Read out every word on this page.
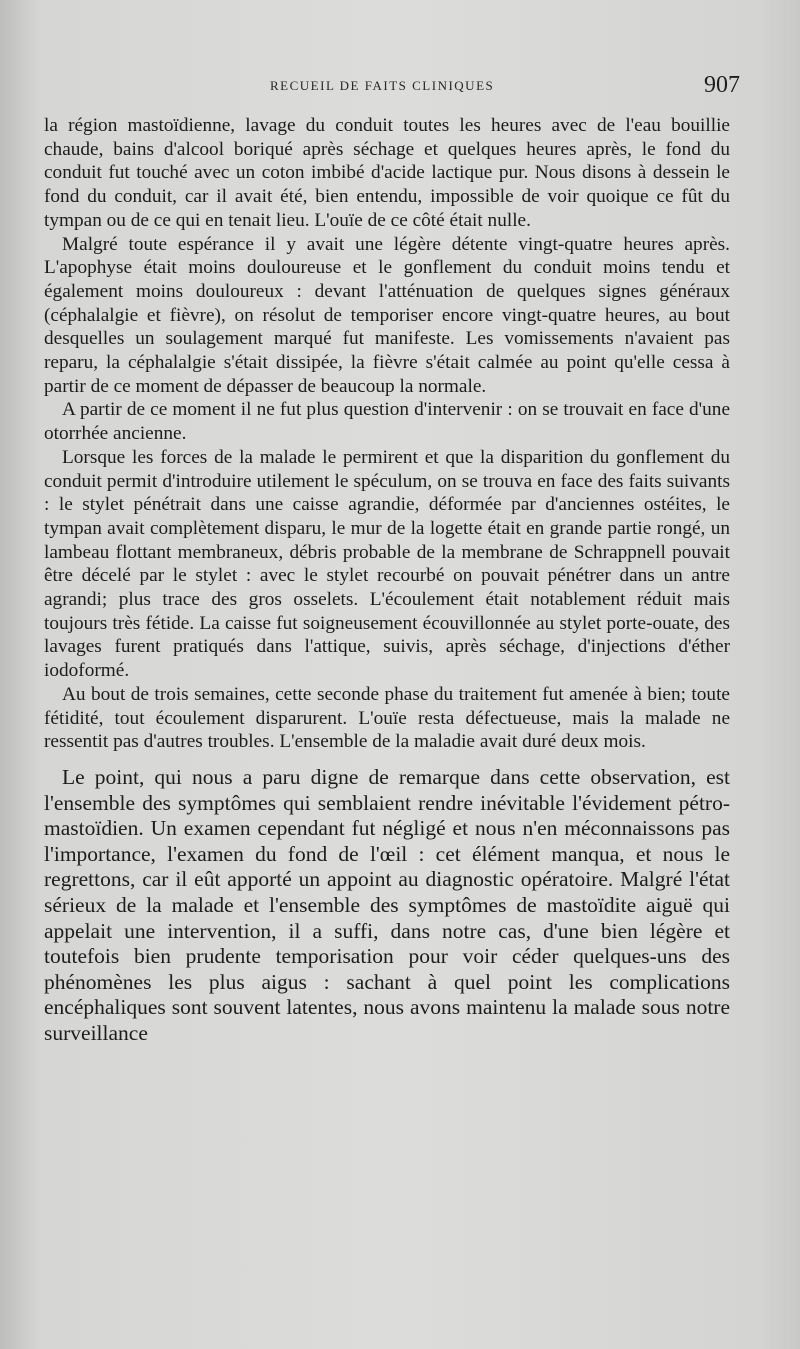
RECUEIL DE FAITS CLINIQUES	907

la région mastoïdienne, lavage du conduit toutes les heures avec de l'eau bouillie chaude, bains d'alcool boriqué après séchage et quelques heures après, le fond du conduit fut touché avec un coton imbibé d'acide lactique pur. Nous disons à dessein le fond du conduit, car il avait été, bien entendu, impossible de voir quoique ce fût du tympan ou de ce qui en tenait lieu. L'ouïe de ce côté était nulle.

Malgré toute espérance il y avait une légère détente vingt-quatre heures après. L'apophyse était moins douloureuse et le gonflement du conduit moins tendu et également moins douloureux : devant l'atténuation de quelques signes généraux (céphalalgie et fièvre), on résolut de temporiser encore vingt-quatre heures, au bout desquelles un soulagement marqué fut manifeste. Les vomissements n'avaient pas reparu, la céphalalgie s'était dissipée, la fièvre s'était calmée au point qu'elle cessa à partir de ce moment de dépasser de beaucoup la normale.

A partir de ce moment il ne fut plus question d'intervenir : on se trouvait en face d'une otorrhée ancienne.

Lorsque les forces de la malade le permirent et que la disparition du gonflement du conduit permit d'introduire utilement le spéculum, on se trouva en face des faits suivants : le stylet pénétrait dans une caisse agrandie, déformée par d'anciennes ostéites, le tympan avait complètement disparu, le mur de la logette était en grande partie rongé, un lambeau flottant membraneux, débris probable de la membrane de Schrappnell pouvait être décelé par le stylet : avec le stylet recourbé on pouvait pénétrer dans un antre agrandi; plus trace des gros osselets. L'écoulement était notablement réduit mais toujours très fétide. La caisse fut soigneusement écouvillonnée au stylet porte-ouate, des lavages furent pratiqués dans l'attique, suivis, après séchage, d'injections d'éther iodoformé.

Au bout de trois semaines, cette seconde phase du traitement fut amenée à bien; toute fétidité, tout écoulement disparurent. L'ouïe resta défectueuse, mais la malade ne ressentit pas d'autres troubles. L'ensemble de la maladie avait duré deux mois.

Le point, qui nous a paru digne de remarque dans cette observation, est l'ensemble des symptômes qui semblaient rendre inévitable l'évidement pétro-mastoïdien. Un examen cependant fut négligé et nous n'en méconnaissons pas l'importance, l'examen du fond de l'œil : cet élément manqua, et nous le regrettons, car il eût apporté un appoint au diagnostic opératoire. Malgré l'état sérieux de la malade et l'ensemble des symptômes de mastoïdite aiguë qui appelait une intervention, il a suffi, dans notre cas, d'une bien légère et toutefois bien prudente temporisation pour voir céder quelques-uns des phénomènes les plus aigus : sachant à quel point les complications encéphaliques sont souvent latentes, nous avons maintenu la malade sous notre surveillance
